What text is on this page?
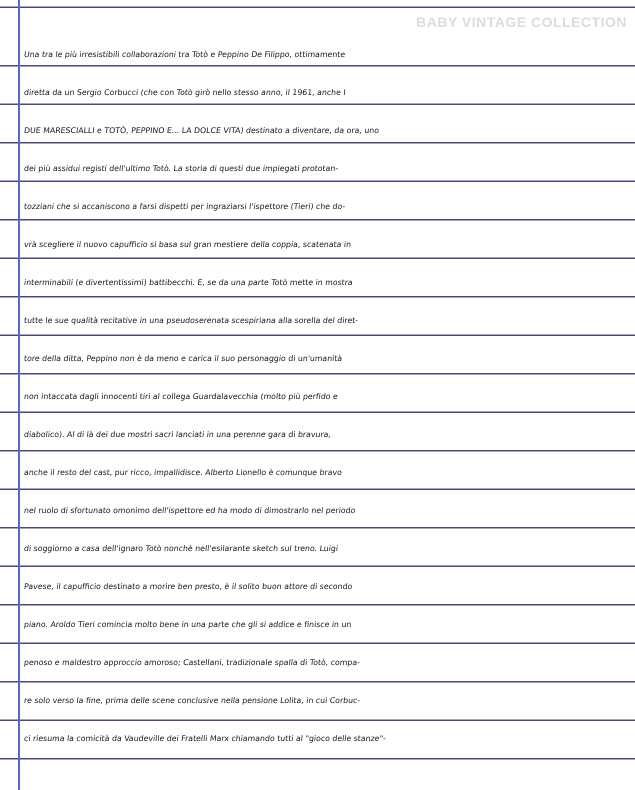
BABY VINTAGE COLLECTION
Una tra le più irresistibili collaborazioni tra Totò e Peppino De Filippo, ottimamente
diretta da un Sergio Corbucci (che con Totò girò nello stesso anno, il 1961, anche I
DUE MARESCIALLI e TOTÒ, PEPPINO E... LA DOLCE VITA) destinato a diventare, da ora, uno
dei più assidui registi dell'ultimo Totò. La storia di questi due impiegati prototan-
tozziani che si accaniscono a farsi dispetti per ingraziarsi l'ispettore (Tieri) che do-
vrà scegliere il nuovo capufficio si basa sul gran mestiere della coppia, scatenata in
interminabili (e divertentissimi) battibecchi. E, se da una parte Totò mette in mostra
tutte le sue qualità recitative in una pseudoserenata scespiriana alla sorella del diret-
tore della ditta, Peppino non è da meno e carica il suo personaggio di un'umanità
non intaccata dagli innocenti tiri al collega Guardalavecchia (molto più perfido e
diabolico). Al di là dei due mostri sacri lanciati in una perenne gara di bravura,
anche il resto del cast, pur ricco, impallidisce. Alberto Lionello è comunque bravo
nel ruolo di sfortunato omonimo dell'ispettore ed ha modo di dimostrarlo nel periodo
di soggiorno a casa dell'ignaro Totò nonchè nell'esilarante sketch sul treno. Luigi
Pavese, il capufficio destinato a morire ben presto, è il solito buon attore di secondo
piano. Aroldo Tieri comincia molto bene in una parte che gli si addice e finisce in un
penoso e maldestro approccio amoroso; Castellani, tradizionale spalla di Totò, compa-
re solo verso la fine, prima delle scene conclusive nella pensione Lolita, in cui Corbuc-
ci riesuma la comicità da Vaudeville dei Fratelli Marx chiamando tutti al "gioco delle stanze"-
